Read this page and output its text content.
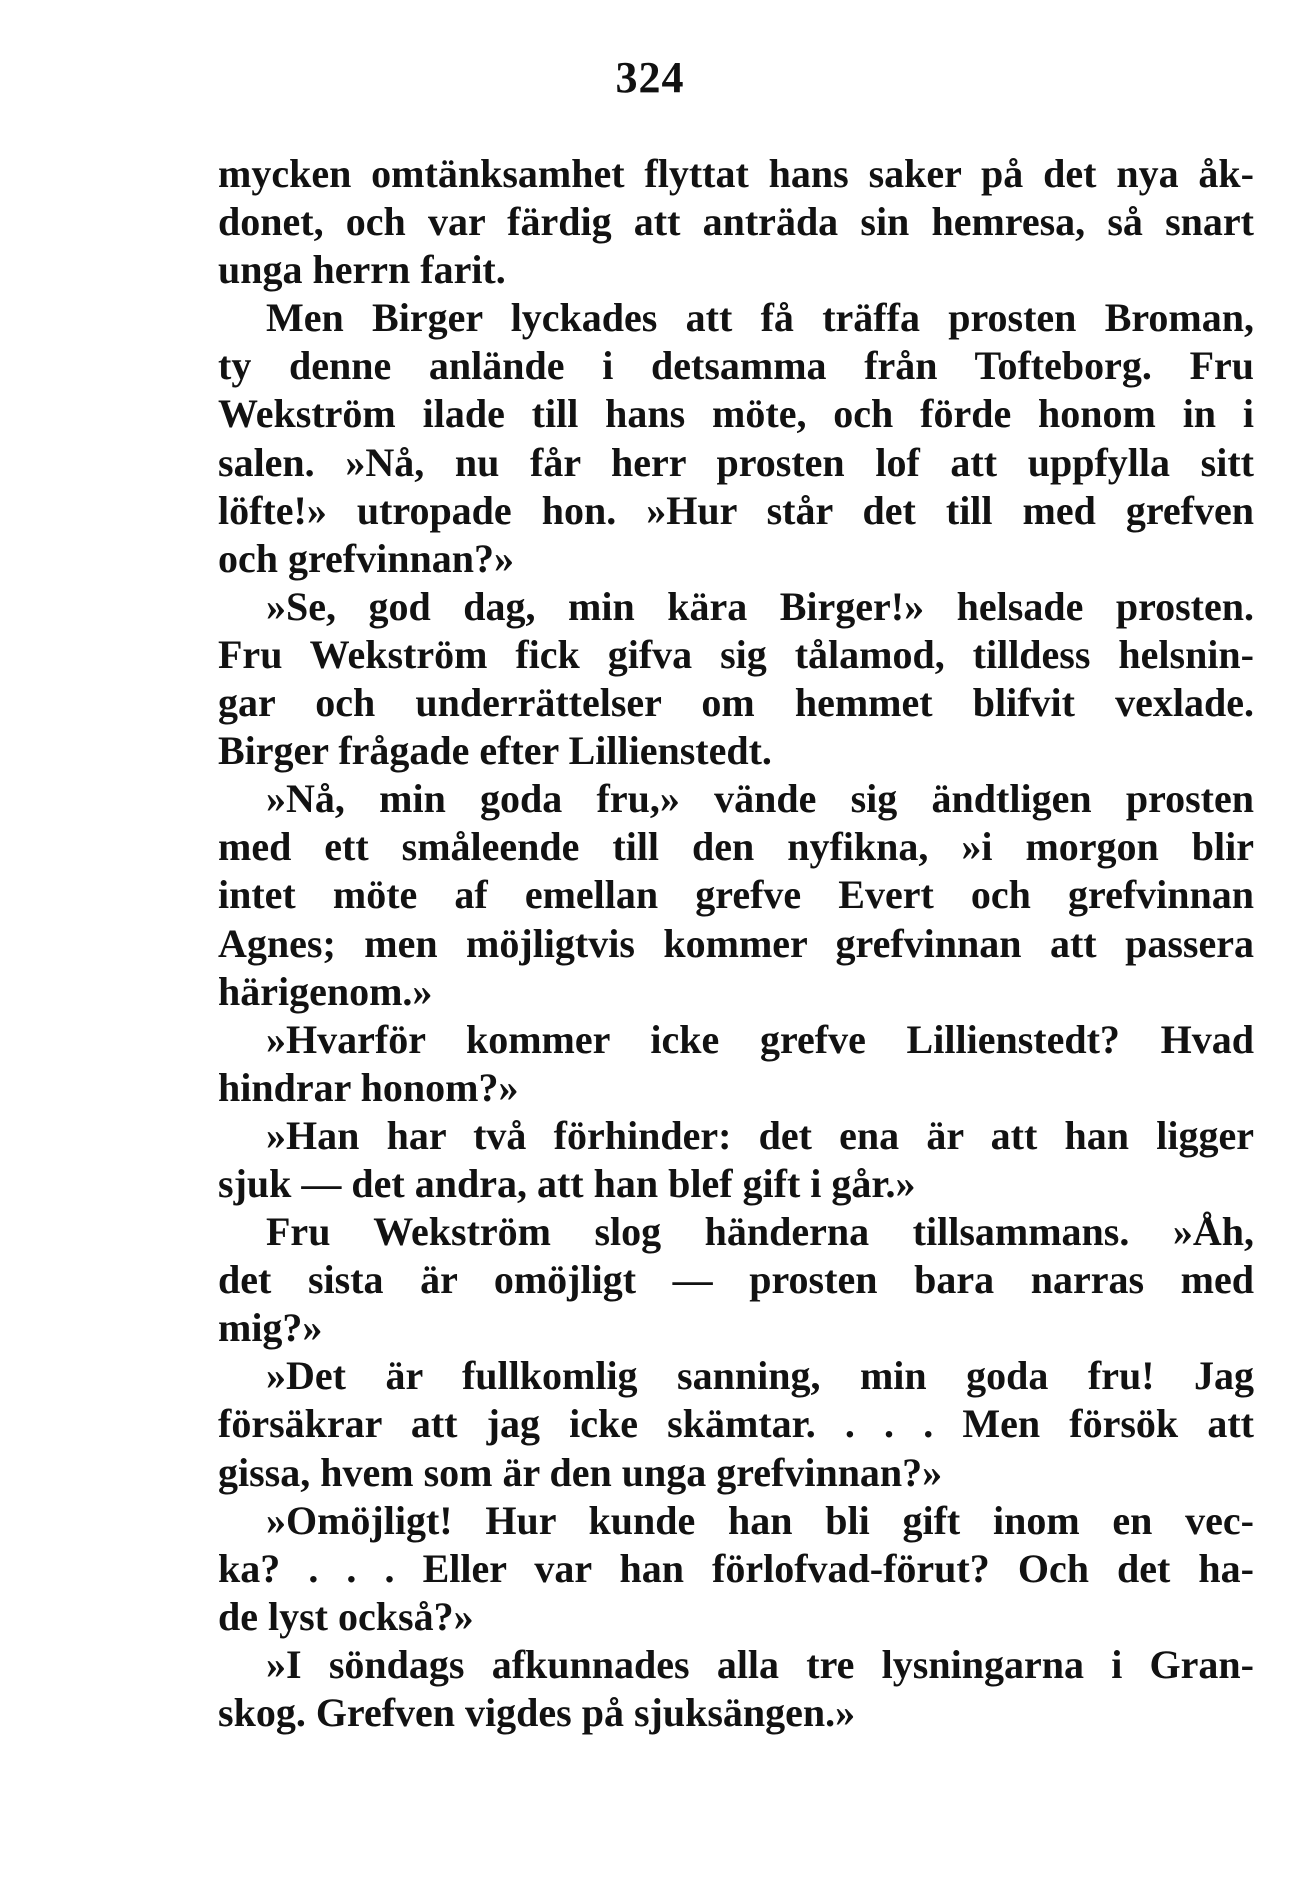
324
mycken omtänksamhet flyttat hans saker på det nya åk-
donet, och var färdig att anträda sin hemresa, så snart
unga herrn farit.
Men Birger lyckades att få träffa prosten Broman,
ty denne anlände i detsamma från Tofteborg. Fru
Wekström ilade till hans möte, och förde honom in i
salen. »Nå, nu får herr prosten lof att uppfylla sitt
löfte!» utropade hon. »Hur står det till med grefven
och grefvinnan?»
»Se, god dag, min kära Birger!» helsade prosten.
Fru Wekström fick gifva sig tålamod, tilldess helsnin-
gar och underrättelser om hemmet blifvit vexlade.
Birger frågade efter Lillienstedt.
»Nå, min goda fru,» vände sig ändtligen prosten
med ett småleende till den nyfikna, »i morgon blir
intet möte af emellan grefve Evert och grefvinnan
Agnes; men möjligtvis kommer grefvinnan att passera
härigenom.»
»Hvarför kommer icke grefve Lillienstedt? Hvad
hindrar honom?»
»Han har två förhinder: det ena är att han ligger
sjuk — det andra, att han blef gift i går.»
Fru Wekström slog händerna tillsammans. »Åh,
det sista är omöjligt — prosten bara narras med
mig?»
»Det är fullkomlig sanning, min goda fru! Jag
försäkrar att jag icke skämtar. . . . Men försök att
gissa, hvem som är den unga grefvinnan?»
»Omöjligt! Hur kunde han bli gift inom en vec-
ka? . . . Eller var han förlofvad-förut? Och det ha-
de lyst också?»
»I söndags afkunnades alla tre lysningarna i Gran-
skog. Grefven vigdes på sjuksängen.»
